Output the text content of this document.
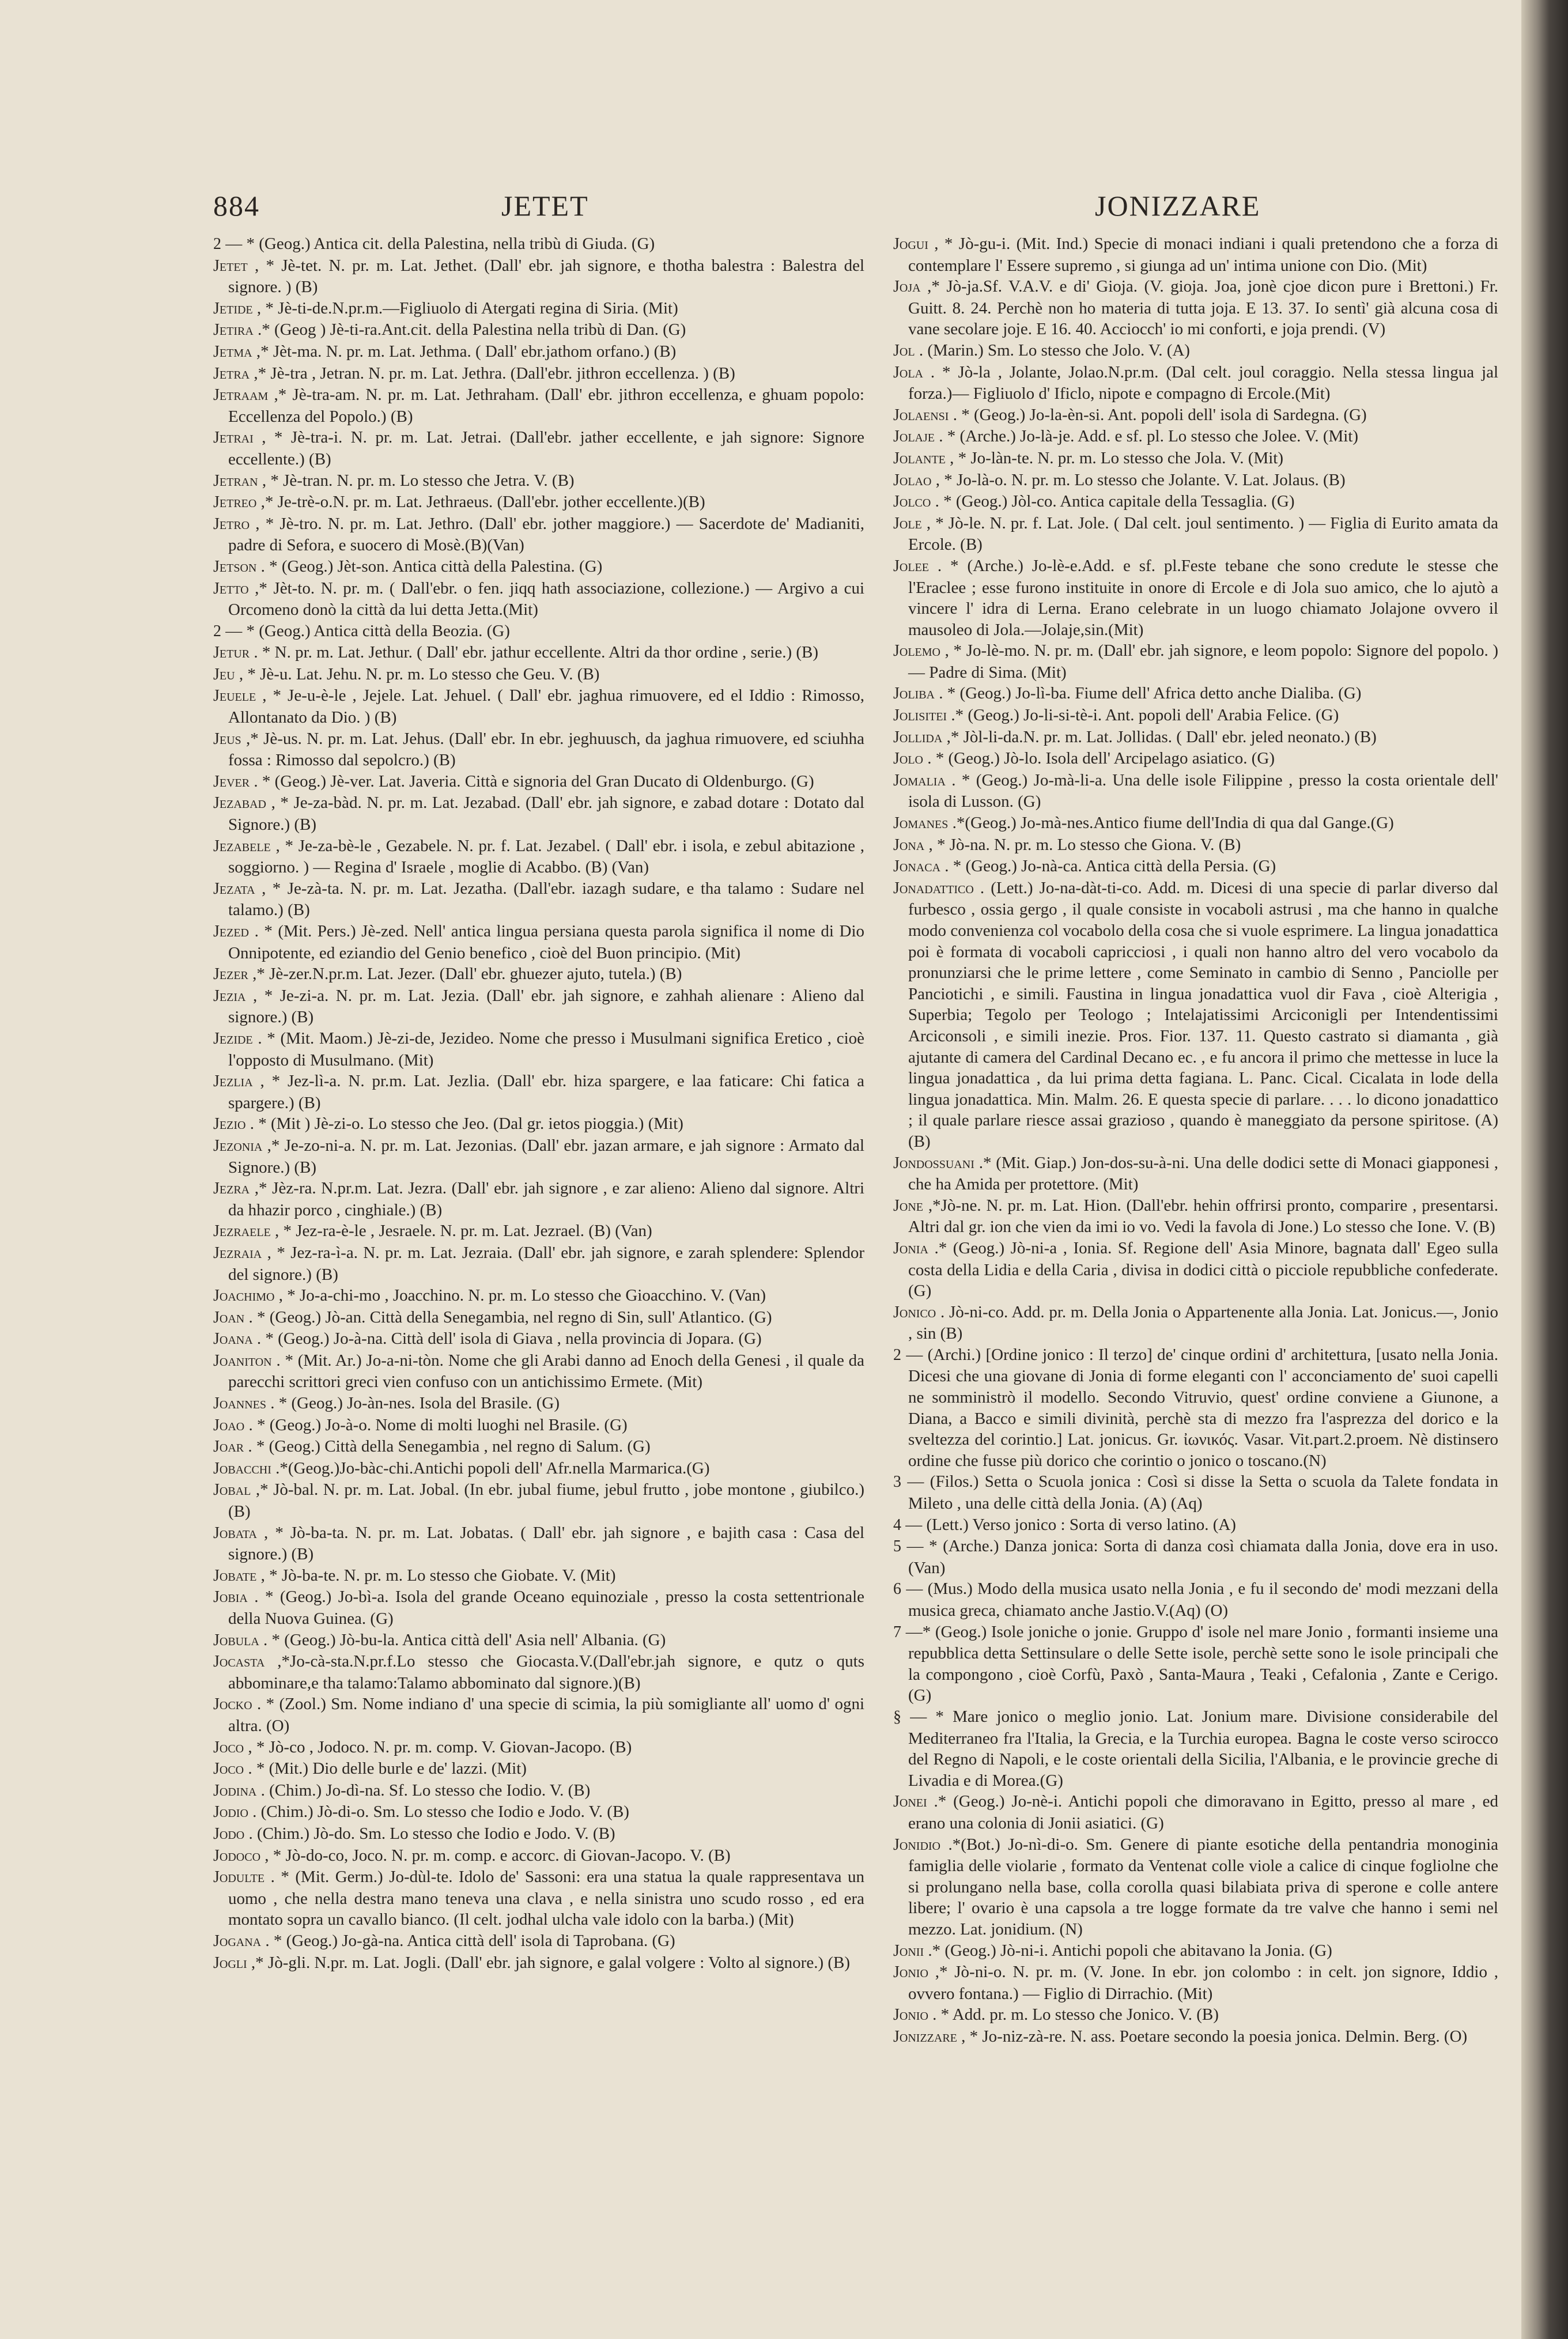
884	JETET	JONIZZARE

2 — * (Geog.) Antica cit. della Palestina, nella tribù di Giuda. (G)

Jetet , * Jè-tet. N. pr. m. Lat. Jethet. (Dall' ebr. jah signore, e thotha balestra : Balestra del signore. ) (B)

Jetide , * Jè-ti-de.N.pr.m.—Figliuolo di Atergati regina di Siria. (Mit)

Jetira .* (Geog ) Jè-ti-ra.Ant.cit. della Palestina nella tribù di Dan. (G)

Jetma ,* Jèt-ma. N. pr. m. Lat. Jethma. ( Dall' ebr.jathom orfano.) (B)

Jetra ,* Jè-tra , Jetran. N. pr. m. Lat. Jethra. (Dall'ebr. jithron eccellenza. ) (B)

Jetraam ,* Jè-tra-am. N. pr. m. Lat. Jethraham. (Dall' ebr. jithron eccellenza, e ghuam popolo: Eccellenza del Popolo.) (B)

Jetrai , * Jè-tra-i. N. pr. m. Lat. Jetrai. (Dall'ebr. jather eccellente, e jah signore: Signore eccellente.) (B)

Jetran , * Jè-tran. N. pr. m. Lo stesso che Jetra. V. (B)

Jetreo ,* Je-trè-o.N. pr. m. Lat. Jethraeus. (Dall'ebr. jother eccellente.)(B)

Jetro , * Jè-tro. N. pr. m. Lat. Jethro. (Dall' ebr. jother maggiore.) — Sacerdote de' Madianiti, padre di Sefora, e suocero di Mosè.(B)(Van)

Jetson . * (Geog.) Jèt-son. Antica città della Palestina. (G)

Jetto ,* Jèt-to. N. pr. m. ( Dall'ebr. o fen. jiqq hath associazione, collezione.) — Argivo a cui Orcomeno donò la città da lui detta Jetta.(Mit)

2 — * (Geog.) Antica città della Beozia. (G)

Jetur . * N. pr. m. Lat. Jethur. ( Dall' ebr. jathur eccellente. Altri da thor ordine , serie.) (B)

Jeu , * Jè-u. Lat. Jehu. N. pr. m. Lo stesso che Geu. V. (B)

Jeuele , * Je-u-è-le , Jejele. Lat. Jehuel. ( Dall' ebr. jaghua rimuovere, ed el Iddio : Rimosso, Allontanato da Dio. ) (B)

Jeus ,* Jè-us. N. pr. m. Lat. Jehus. (Dall' ebr. In ebr. jeghuusch, da jaghua rimuovere, ed sciuhha fossa : Rimosso dal sepolcro.) (B)

Jever . * (Geog.) Jè-ver. Lat. Javeria. Città e signoria del Gran Ducato di Oldenburgo. (G)

Jezabad , * Je-za-bàd. N. pr. m. Lat. Jezabad. (Dall' ebr. jah signore, e zabad dotare : Dotato dal Signore.) (B)

Jezabele , * Je-za-bè-le , Gezabele. N. pr. f. Lat. Jezabel. ( Dall' ebr. i isola, e zebul abitazione , soggiorno. ) — Regina d' Israele , moglie di Acabbo. (B) (Van)

Jezata , * Je-zà-ta. N. pr. m. Lat. Jezatha. (Dall'ebr. iazagh sudare, e tha talamo : Sudare nel talamo.) (B)

Jezed . * (Mit. Pers.) Jè-zed. Nell' antica lingua persiana questa parola significa il nome di Dio Onnipotente, ed eziandio del Genio benefico , cioè del Buon principio. (Mit)

Jezer ,* Jè-zer.N.pr.m. Lat. Jezer. (Dall' ebr. ghuezer ajuto, tutela.) (B)

Jezia , * Je-zi-a. N. pr. m. Lat. Jezia. (Dall' ebr. jah signore, e zahhah alienare : Alieno dal signore.) (B)

Jezide . * (Mit. Maom.) Jè-zi-de, Jezideo. Nome che presso i Musulmani significa Eretico , cioè l'opposto di Musulmano. (Mit)

Jezlia , * Jez-lì-a. N. pr.m. Lat. Jezlia. (Dall' ebr. hiza spargere, e laa faticare: Chi fatica a spargere.) (B)

Jezio . * (Mit ) Jè-zi-o. Lo stesso che Jeo. (Dal gr. ietos pioggia.) (Mit)

Jezonia ,* Je-zo-ni-a. N. pr. m. Lat. Jezonias. (Dall' ebr. jazan armare, e jah signore : Armato dal Signore.) (B)

Jezra ,* Jèz-ra. N.pr.m. Lat. Jezra. (Dall' ebr. jah signore , e zar alieno: Alieno dal signore. Altri da hhazir porco , cinghiale.) (B)

Jezraele , * Jez-ra-è-le , Jesraele. N. pr. m. Lat. Jezrael. (B) (Van)

Jezraia , * Jez-ra-ì-a. N. pr. m. Lat. Jezraia. (Dall' ebr. jah signore, e zarah splendere: Splendor del signore.) (B)

Joachimo , * Jo-a-chi-mo , Joacchino. N. pr. m. Lo stesso che Gioacchino. V. (Van)

Joan . * (Geog.) Jò-an. Città della Senegambia, nel regno di Sin, sull' Atlantico. (G)

Joana . * (Geog.) Jo-à-na. Città dell' isola di Giava , nella provincia di Jopara. (G)

Joaniton . * (Mit. Ar.) Jo-a-ni-tòn. Nome che gli Arabi danno ad Enoch della Genesi , il quale da parecchi scrittori greci vien confuso con un antichissimo Ermete. (Mit)

Joannes . * (Geog.) Jo-àn-nes. Isola del Brasile. (G)

Joao . * (Geog.) Jo-à-o. Nome di molti luoghi nel Brasile. (G)

Joar . * (Geog.) Città della Senegambia , nel regno di Salum. (G)

Jobacchi .*(Geog.)Jo-bàc-chi.Antichi popoli dell' Afr.nella Marmarica.(G)

Jobal ,* Jò-bal. N. pr. m. Lat. Jobal. (In ebr. jubal fiume, jebul frutto , jobe montone , giubilco.) (B)

Jobata , * Jò-ba-ta. N. pr. m. Lat. Jobatas. ( Dall' ebr. jah signore , e bajith casa : Casa del signore.) (B)

Jobate , * Jò-ba-te. N. pr. m. Lo stesso che Giobate. V. (Mit)

Jobia . * (Geog.) Jo-bì-a. Isola del grande Oceano equinoziale , presso la costa settentrionale della Nuova Guinea. (G)

Jobula . * (Geog.) Jò-bu-la. Antica città dell' Asia nell' Albania. (G)

Jocasta ,*Jo-cà-sta.N.pr.f.Lo stesso che Giocasta.V.(Dall'ebr.jah signore, e qutz o quts abbominare,e tha talamo:Talamo abbominato dal signore.)(B)

Jocko . * (Zool.) Sm. Nome indiano d' una specie di scimia, la più somigliante all' uomo d' ogni altra. (O)

Joco , * Jò-co , Jodoco. N. pr. m. comp. V. Giovan-Jacopo. (B)

Joco . * (Mit.) Dio delle burle e de' lazzi. (Mit)

Jodina . (Chim.) Jo-dì-na. Sf. Lo stesso che Iodio. V. (B)

Jodio . (Chim.) Jò-di-o. Sm. Lo stesso che Iodio e Jodo. V. (B)

Jodo . (Chim.) Jò-do. Sm. Lo stesso che Iodio e Jodo. V. (B)

Jodoco , * Jò-do-co, Joco. N. pr. m. comp. e accorc. di Giovan-Jacopo. V. (B)

Jodulte . * (Mit. Germ.) Jo-dùl-te. Idolo de' Sassoni: era una statua la quale rappresentava un uomo , che nella destra mano teneva una clava , e nella sinistra uno scudo rosso , ed era montato sopra un cavallo bianco. (Il celt. jodhal ulcha vale idolo con la barba.) (Mit)

Jogana . * (Geog.) Jo-gà-na. Antica città dell' isola di Taprobana. (G)

Jogli ,* Jò-gli. N.pr. m. Lat. Jogli. (Dall' ebr. jah signore, e galal volgere : Volto al signore.) (B)

Jogui , * Jò-gu-i. (Mit. Ind.) Specie di monaci indiani i quali pretendono che a forza di contemplare l' Essere supremo , si giunga ad un' intima unione con Dio. (Mit)

Joja ,* Jò-ja.Sf. V.A.V. e di' Gioja. (V. gioja. Joa, jonè cjoe dicon pure i Brettoni.) Fr. Guitt. 8. 24. Perchè non ho materia di tutta joja. E 13. 37. Io sentì' già alcuna cosa di vane secolare joje. E 16. 40. Acciocch' io mi conforti, e joja prendi. (V)

Jol . (Marin.) Sm. Lo stesso che Jolo. V. (A)

Jola . * Jò-la , Jolante, Jolao.N.pr.m. (Dal celt. joul coraggio. Nella stessa lingua jal forza.)— Figliuolo d' Ificlo, nipote e compagno di Ercole.(Mit)

Jolaensi . * (Geog.) Jo-la-èn-si. Ant. popoli dell' isola di Sardegna. (G)

Jolaje . * (Arche.) Jo-là-je. Add. e sf. pl. Lo stesso che Jolee. V. (Mit)

Jolante , * Jo-làn-te. N. pr. m. Lo stesso che Jola. V. (Mit)

Jolao , * Jo-là-o. N. pr. m. Lo stesso che Jolante. V. Lat. Jolaus. (B)

Jolco . * (Geog.) Jòl-co. Antica capitale della Tessaglia. (G)

Jole , * Jò-le. N. pr. f. Lat. Jole. ( Dal celt. joul sentimento. ) — Figlia di Eurito amata da Ercole. (B)

Jolee . * (Arche.) Jo-lè-e.Add. e sf. pl.Feste tebane che sono credute le stesse che l'Eraclee ; esse furono instituite in onore di Ercole e di Jola suo amico, che lo ajutò a vincere l' idra di Lerna. Erano celebrate in un luogo chiamato Jolajone ovvero il mausoleo di Jola.—Jolaje,sin.(Mit)

Jolemo , * Jo-lè-mo. N. pr. m. (Dall' ebr. jah signore, e leom popolo: Signore del popolo. ) — Padre di Sima. (Mit)

Joliba . * (Geog.) Jo-lì-ba. Fiume dell' Africa detto anche Dialiba. (G)

Jolisitei .* (Geog.) Jo-li-si-tè-i. Ant. popoli dell' Arabia Felice. (G)

Jollida ,* Jòl-li-da.N. pr. m. Lat. Jollidas. ( Dall' ebr. jeled neonato.) (B)

Jolo . * (Geog.) Jò-lo. Isola dell' Arcipelago asiatico. (G)

Jomalia . * (Geog.) Jo-mà-li-a. Una delle isole Filippine , presso la costa orientale dell' isola di Lusson. (G)

Jomanes .*(Geog.) Jo-mà-nes.Antico fiume dell'India di qua dal Gange.(G)

Jona , * Jò-na. N. pr. m. Lo stesso che Giona. V. (B)

Jonaca . * (Geog.) Jo-nà-ca. Antica città della Persia. (G)

Jonadattico . (Lett.) Jo-na-dàt-ti-co. Add. m. Dicesi di una specie di parlar diverso dal furbesco , ossia gergo , il quale consiste in vocaboli astrusi , ma che hanno in qualche modo convenienza col vocabolo della cosa che si vuole esprimere. La lingua jonadattica poi è formata di vocaboli capricciosi , i quali non hanno altro del vero vocabolo da pronunziarsi che le prime lettere , come Seminato in cambio di Senno , Panciolle per Panciotichi , e simili. Faustina in lingua jonadattica vuol dir Fava , cioè Alterigia , Superbia; Tegolo per Teologo ; Intelajatissimi Arciconigli per Intendentissimi Arciconsoli , e simili inezie. Pros. Fior. 137. 11. Questo castrato si diamanta , già ajutante di camera del Cardinal Decano ec. , e fu ancora il primo che mettesse in luce la lingua jonadattica , da lui prima detta fagiana. L. Panc. Cical. Cicalata in lode della lingua jonadattica. Min. Malm. 26. E questa specie di parlare. . . . lo dicono jonadattico ; il quale parlare riesce assai grazioso , quando è maneggiato da persone spiritose. (A) (B)

Jondossuani .* (Mit. Giap.) Jon-dos-su-à-ni. Una delle dodici sette di Monaci giapponesi , che ha Amida per protettore. (Mit)

Jone ,*Jò-ne. N. pr. m. Lat. Hion. (Dall'ebr. hehin offrirsi pronto, comparire , presentarsi. Altri dal gr. ion che vien da imi io vo. Vedi la favola di Jone.) Lo stesso che Ione. V. (B)

Jonia .* (Geog.) Jò-ni-a , Ionia. Sf. Regione dell' Asia Minore, bagnata dall' Egeo sulla costa della Lidia e della Caria , divisa in dodici città o picciole repubbliche confederate. (G)

Jonico . Jò-ni-co. Add. pr. m. Della Jonia o Appartenente alla Jonia. Lat. Jonicus.—, Jonio , sin (B)

2 — (Archi.) [Ordine jonico : Il terzo] de' cinque ordini d' architettura, [usato nella Jonia. Dicesi che una giovane di Jonia di forme eleganti con l' acconciamento de' suoi capelli ne somministrò il modello. Secondo Vitruvio, quest' ordine conviene a Giunone, a Diana, a Bacco e simili divinità, perchè sta di mezzo fra l'asprezza del dorico e la sveltezza del corintio.] Lat. jonicus. Gr. ἰωνικός. Vasar. Vit.part.2.proem. Nè distinsero ordine che fusse più dorico che corintio o jonico o toscano.(N)

3 — (Filos.) Setta o Scuola jonica : Così si disse la Setta o scuola da Talete fondata in Mileto , una delle città della Jonia. (A) (Aq)

4 — (Lett.) Verso jonico : Sorta di verso latino. (A)

5 — * (Arche.) Danza jonica: Sorta di danza così chiamata dalla Jonia, dove era in uso. (Van)

6 — (Mus.) Modo della musica usato nella Jonia , e fu il secondo de' modi mezzani della musica greca, chiamato anche Jastio.V.(Aq) (O)

7 —* (Geog.) Isole joniche o jonie. Gruppo d' isole nel mare Jonio , formanti insieme una repubblica detta Settinsulare o delle Sette isole, perchè sette sono le isole principali che la compongono , cioè Corfù, Paxò , Santa-Maura , Teaki , Cefalonia , Zante e Cerigo. (G)

§ — * Mare jonico o meglio jonio. Lat. Jonium mare. Divisione considerabile del Mediterraneo fra l'Italia, la Grecia, e la Turchia europea. Bagna le coste verso scirocco del Regno di Napoli, e le coste orientali della Sicilia, l'Albania, e le provincie greche di Livadia e di Morea.(G)

Jonei .* (Geog.) Jo-nè-i. Antichi popoli che dimoravano in Egitto, presso al mare , ed erano una colonia di Jonii asiatici. (G)

Jonidio .*(Bot.) Jo-nì-di-o. Sm. Genere di piante esotiche della pentandria monoginia famiglia delle violarie , formato da Ventenat colle viole a calice di cinque fogliolne che si prolungano nella base, colla corolla quasi bilabiata priva di sperone e colle antere libere; l' ovario è una capsola a tre logge formate da tre valve che hanno i semi nel mezzo. Lat. jonidium. (N)

Jonii .* (Geog.) Jò-ni-i. Antichi popoli che abitavano la Jonia. (G)

Jonio ,* Jò-ni-o. N. pr. m. (V. Jone. In ebr. jon colombo : in celt. jon signore, Iddio , ovvero fontana.) — Figlio di Dirrachio. (Mit)

Jonio . * Add. pr. m. Lo stesso che Jonico. V. (B)

Jonizzare , * Jo-niz-zà-re. N. ass. Poetare secondo la poesia jonica. Delmin. Berg. (O)
